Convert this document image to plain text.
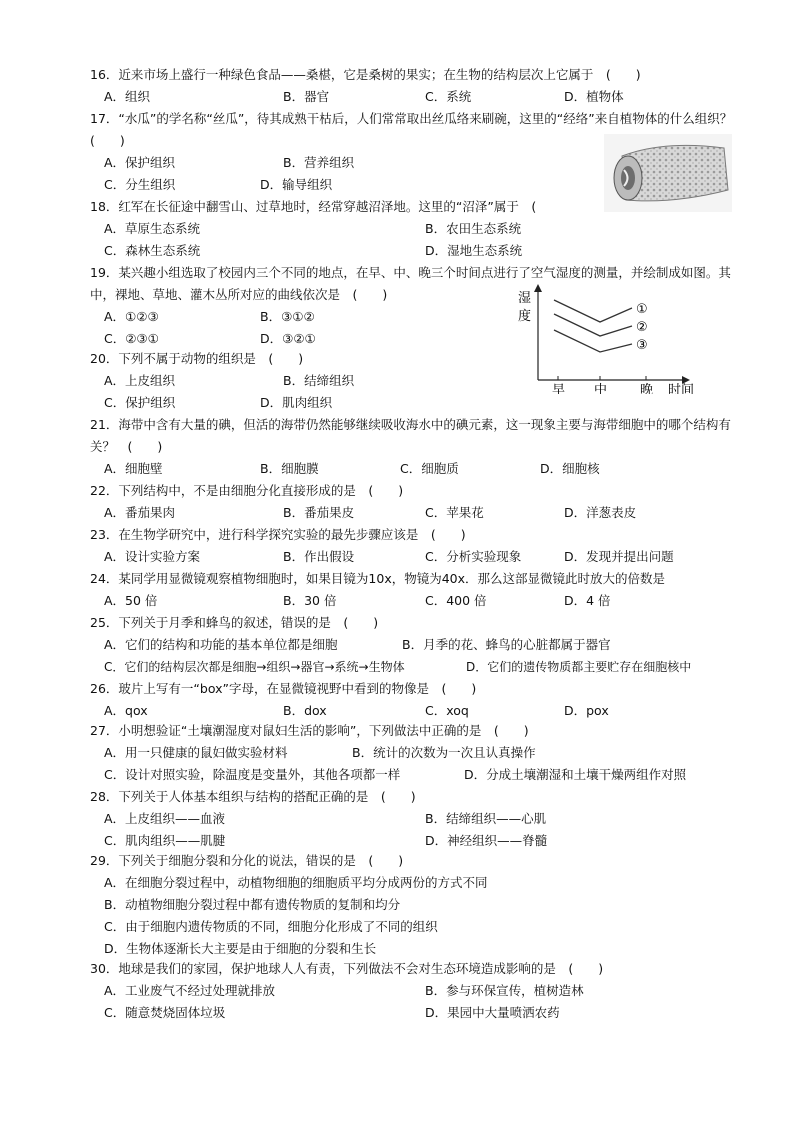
16．近来市场上盛行一种绿色食品——桑椹，它是桑树的果实；在生物的结构层次上它属于　(　　)
A．组织	B．器官	C．系统	D．植物体
17．“水瓜”的学名称“丝瓜”，待其成熟干枯后，人们常常取出丝瓜络来刷碗，这里的“经络”来自植物体的什么组织？　(　　)
A．保护组织	B．营养组织
C．分生组织	D．输导组织
18．红军在长征途中翻雪山、过草地时，经常穿越沼泽地。这里的“沼泽”属于　(
A．草原生态系统	B．农田生态系统
C．森林生态系统	D．湿地生态系统
19．某兴趣小组选取了校园内三个不同的地点，在早、中、晚三个时间点进行了空气湿度的测量，并绘制成如图。其中，裸地、草地、灌木丛所对应的曲线依次是　(　　)
A．①②③	B．③①②
C．②③①	D．③②①
湿
度
早 中	晚 时间
①
②
③
20．下列不属于动物的组织是　(　　)
A．上皮组织	B．结缔组织
C．保护组织	D．肌肉组织
21．海带中含有大量的碘，但活的海带仍然能够继续吸收海水中的碘元素，这一现象主要与海带细胞中的哪个结构有关？　(　　)
A．细胞壁	B．细胞膜	C．细胞质	D．细胞核
22．下列结构中，不是由细胞分化直接形成的是　(　　)
A．番茄果肉	B．番茄果皮	C．苹果花	D．洋葱表皮
23．在生物学研究中，进行科学探究实验的最先步骤应该是　(　　)
A．设计实验方案	B．作出假设	C．分析实验现象	D．发现并提出问题
24．某同学用显微镜观察植物细胞时，如果目镜为10x，物镜为40x．那么这部显微镜此时放大的倍数是
A．50 倍	B．30 倍	C．400 倍	D．4 倍
25．下列关于月季和蜂鸟的叙述，错误的是　(　　)
A．它们的结构和功能的基本单位都是细胞	B．月季的花、蜂鸟的心脏都属于器官
C．它们的结构层次都是细胞→组织→器官→系统→生物体	D．它们的遗传物质都主要贮存在细胞核中
26．玻片上写有一“box”字母，在显微镜视野中看到的物像是　(　　)
A．qox	B．dox	C．xoq	D．pox
27．小明想验证“土壤潮湿度对鼠妇生活的影响”，下列做法中正确的是　(　　)
A．用一只健康的鼠妇做实验材料	B．统计的次数为一次且认真操作
C．设计对照实验，除温度是变量外，其他各项都一样	D．分成土壤潮湿和土壤干燥两组作对照
28．下列关于人体基本组织与结构的搭配正确的是　(　　)
A．上皮组织——血液	B．结缔组织——心肌
C．肌肉组织——肌腱	D．神经组织——脊髓
29．下列关于细胞分裂和分化的说法，错误的是　(　　)
A．在细胞分裂过程中，动植物细胞的细胞质平均分成两份的方式不同
B．动植物细胞分裂过程中都有遗传物质的复制和均分
C．由于细胞内遗传物质的不同，细胞分化形成了不同的组织
D．生物体逐渐长大主要是由于细胞的分裂和生长
30．地球是我们的家园，保护地球人人有责，下列做法不会对生态环境造成影响的是　(　　)
A．工业废气不经过处理就排放	B．参与环保宣传，植树造林
C．随意焚烧固体垃圾	D．果园中大量喷洒农药
